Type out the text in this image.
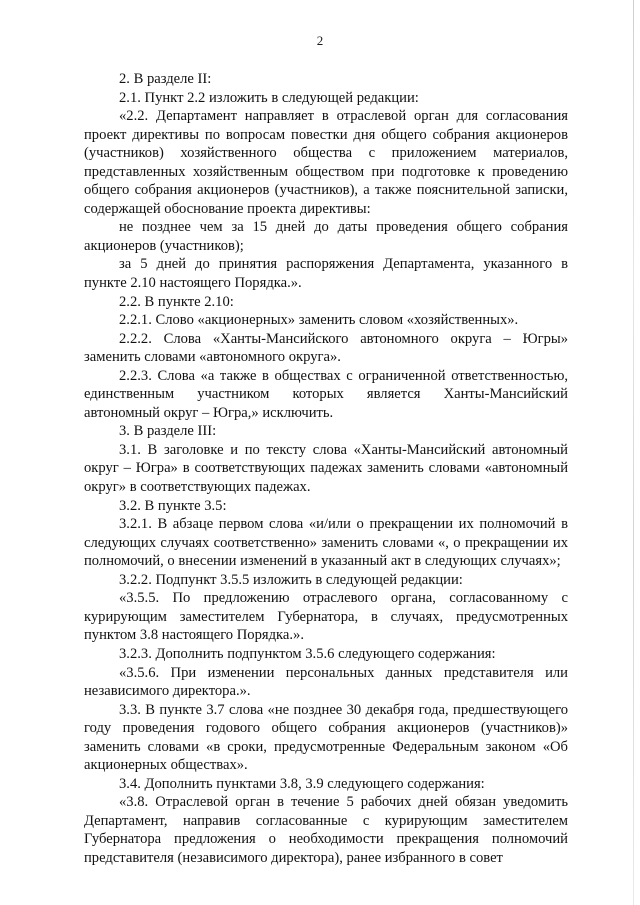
2

2. В разделе II:

2.1. Пункт 2.2 изложить в следующей редакции:

«2.2. Департамент направляет в отраслевой орган для согласования проект директивы по вопросам повестки дня общего собрания акционеров (участников) хозяйственного общества с приложением материалов, представленных хозяйственным обществом при подготовке к проведению общего собрания акционеров (участников), а также пояснительной записки, содержащей обоснование проекта директивы:

не позднее чем за 15 дней до даты проведения общего собрания акционеров (участников);

за 5 дней до принятия распоряжения Департамента, указанного в пункте 2.10 настоящего Порядка.».

2.2. В пункте 2.10:

2.2.1. Слово «акционерных» заменить словом «хозяйственных».

2.2.2. Слова «Ханты-Мансийского автономного округа – Югры» заменить словами «автономного округа».

2.2.3. Слова «а также в обществах с ограниченной ответственностью, единственным участником которых является Ханты-Мансийский автономный округ – Югра,» исключить.

3. В разделе III:

3.1. В заголовке и по тексту слова «Ханты-Мансийский автономный округ – Югра» в соответствующих падежах заменить словами «автономный округ» в соответствующих падежах.

3.2. В пункте 3.5:

3.2.1. В абзаце первом слова «и/или о прекращении их полномочий в следующих случаях соответственно» заменить словами «, о прекращении их полномочий, о внесении изменений в указанный акт в следующих случаях»;

3.2.2. Подпункт 3.5.5 изложить в следующей редакции:

«3.5.5. По предложению отраслевого органа, согласованному с курирующим заместителем Губернатора, в случаях, предусмотренных пунктом 3.8 настоящего Порядка.».

3.2.3. Дополнить подпунктом 3.5.6 следующего содержания:

«3.5.6. При изменении персональных данных представителя или независимого директора.».

3.3. В пункте 3.7 слова «не позднее 30 декабря года, предшествующего году проведения годового общего собрания акционеров (участников)» заменить словами «в сроки, предусмотренные Федеральным законом «Об акционерных обществах».

3.4. Дополнить пунктами 3.8, 3.9 следующего содержания:

«3.8. Отраслевой орган в течение 5 рабочих дней обязан уведомить Департамент, направив согласованные с курирующим заместителем Губернатора предложения о необходимости прекращения полномочий представителя (независимого директора), ранее избранного в совет
